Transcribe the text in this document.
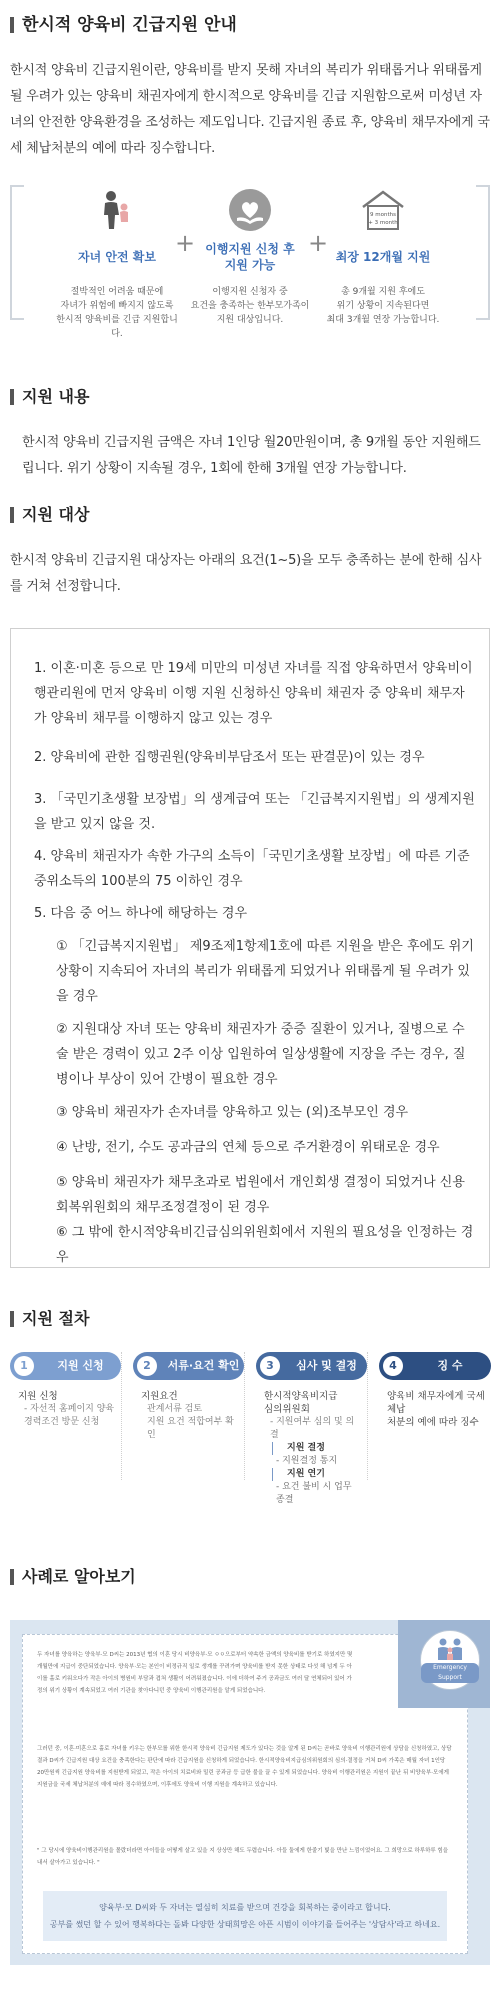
한시적 양육비 긴급지원 안내
한시적 양육비 긴급지원이란, 양육비를 받지 못해 자녀의 복리가 위태롭거나 위태롭게 될 우려가 있는 양육비 채권자에게 한시적으로 양육비를 긴급 지원함으로써 미성년 자녀의 안전한 양육환경을 조성하는 제도입니다. 긴급지원 종료 후, 양육비 채무자에게 국세 체납처분의 예에 따라 징수합니다.
자녀 안전 확보
절박적인 어려움 때문에
자녀가 위험에 빠지지 않도록
한시적 양육비를 긴급 지원합니다.
+ 이행지원 신청 후
지원 가능
이행지원 신청자 중
요건을 충족하는 한부모가족이
지원 대상입니다.
+
9 months
+ 3 month
최장 12개월 지원
총 9개월 지원 후에도
위기 상황이 지속된다면
최대 3개월 연장 가능합니다.
지원 내용
한시적 양육비 긴급지원 금액은 자녀 1인당 월20만원이며, 총 9개월 동안 지원해드립니다. 위기 상황이 지속될 경우, 1회에 한해 3개월 연장 가능합니다.
지원 대상
한시적 양육비 긴급지원 대상자는 아래의 요건(1~5)을 모두 충족하는 분에 한해 심사를 거쳐 선정합니다.
1. 이혼·미혼 등으로 만 19세 미만의 미성년 자녀를 직접 양육하면서 양육비이행관리원에 먼저 양육비 이행 지원 신청하신 양육비 채권자 중 양육비 채무자가 양육비 채무를 이행하지 않고 있는 경우
2. 양육비에 관한 집행권원(양육비부담조서 또는 판결문)이 있는 경우
3. 「국민기초생활 보장법」의 생계급여 또는 「긴급복지지원법」의 생계지원을 받고 있지 않을 것.
4. 양육비 채권자가 속한 가구의 소득이「국민기초생활 보장법」에 따른 기준 중위소득의 100분의 75 이하인 경우
5. 다음 중 어느 하나에 해당하는 경우
① 「긴급복지지원법」 제9조제1항제1호에 따른 지원을 받은 후에도 위기 상황이 지속되어 자녀의 복리가 위태롭게 되었거나 위태롭게 될 우려가 있을 경우
② 지원대상 자녀 또는 양육비 채권자가 중증 질환이 있거나, 질병으로 수술 받은 경력이 있고 2주 이상 입원하여 일상생활에 지장을 주는 경우, 질병이나 부상이 있어 간병이 필요한 경우
③ 양육비 채권자가 손자녀를 양육하고 있는 (외)조부모인 경우
④ 난방, 전기, 수도 공과금의 연체 등으로 주거환경이 위태로운 경우
⑤ 양육비 채권자가 채무초과로 법원에서 개인회생 결정이 되었거나 신용회복위원회의 채무조정결정이 된 경우
⑥ 그 밖에 한시적양육비긴급심의위원회에서 지원의 필요성을 인정하는 경우
지원 절차
1	지원 신청
지원 신청
- 자선적 홈페이지 양육
경력조건 방문 신청
2	서류·요건 확인
지원요건
관계서류 검토
지원 요건 적합여부 확인
3	심사 및 결정
한시적양육비지급
심의위원회
- 지원여부 심의 및 의결
지원 결정
- 지원결정 통지
지원 연기
- 요건 불비 시 업무 종결
4	징 수
양육비 채무자에게 국세 체납
처분의 예에 따라 징수
사례로 알아보기
두 자녀를 양육하는 양육부·모 D씨는 2013년 협의 이혼 당시 비양육부·모 ㅇㅇ으로부터 약속한 금액의 양육비를 받기로 하였지만 몇 개월만에 지급이 중단되었습니다. 양육부·모는 본인이 비정규직 일로 생계를 꾸려가며 양육비를 받지 못한 상태로 다섯 해 넘게 두 아이를 홀로 키워오다가 작은 아이의 병원비 부담과 겹쳐 생활이 어려워졌습니다. 이에 더하여 주거 공과금도 여러 달 연체되어 있어 가정의 위기 상황이 계속되었고 여러 기관을 찾아다니던 중 양육비 이행관리원을 알게 되었습니다.
그러던 중, 이혼·미혼으로 홀로 자녀를 키우는 한부모를 위한 한시적 양육비 긴급지원 제도가 있다는 것을 알게 된 D씨는 곧바로 양육비 이행관리원에 상담을 신청하였고, 상담 결과 D씨가 긴급지원 대상 요건을 충족한다는 판단에 따라 긴급지원을 신청하게 되었습니다. 한시적양육비지급심의위원회의 심의·결정을 거쳐 D씨 가족은 매월 자녀 1인당 20만원씩 긴급지원 양육비를 지원받게 되었고, 작은 아이의 치료비와 밀린 공과금 등 급한 불을 끌 수 있게 되었습니다. 양육비 이행관리원은 지원이 끝난 뒤 비양육부·모에게 지원금을 국세 체납처분의 예에 따라 징수하였으며, 이후에도 양육비 이행 지원을 계속하고 있습니다.
" 그 당시에 양육비이행관리원을 몰랐더라면 아이들을 어떻게 살고 있을 지 상상만 해도 두렵습니다. 아들 둘에게 한줄기 빛을 만난 느낌이었어요. 그 희망으로 하루하루 힘을 내서 살아가고 있습니다. "
양육부·모 D씨와 두 자녀는 열심히 치료를 받으며 건강을 회복하는 중이라고 합니다.
공부를 썼던 할 수 있어 행복하다는 돌봐 다양한 상태희망은 아픈 시범이 이야기를 들어주는 '상담사'라고 하네요.
Emergency Support
